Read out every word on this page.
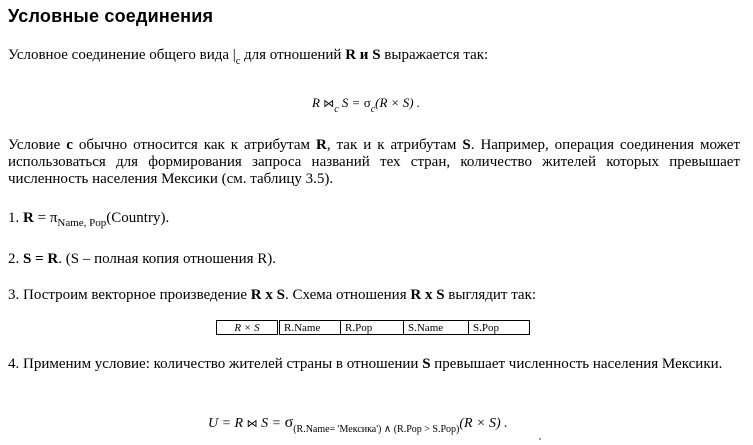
Условные соединения
Условное соединение общего вида $|_c$ для отношений R и S выражается так:
R $⋈_c$ $S = \sigma_c(R \times S)$ .
Условие c обычно относится как к атрибутам R, так и к атрибутам S. Например, операция соединения может использоваться для формирования запроса названий тех стран, количество жителей которых превышает численность населения Мексики (см. таблицу 3.5).
1. $R = \pi_{Name, Pop}(Country)$.
2. S = R. (S – полная копия отношения R).
3. Построим векторное произведение R x S. Схема отношения R x S выглядит так:
R × S	R.Name	R.Pop	S.Name	S.Pop
4. Применим условие: количество жителей страны в отношении S превышает численность населения Мексики.
U = R ⋈ $S = \sigma_{(R.Name= 'Мексика') \wedge (R.Pop > S.Pop)}(R \times S)$ .
